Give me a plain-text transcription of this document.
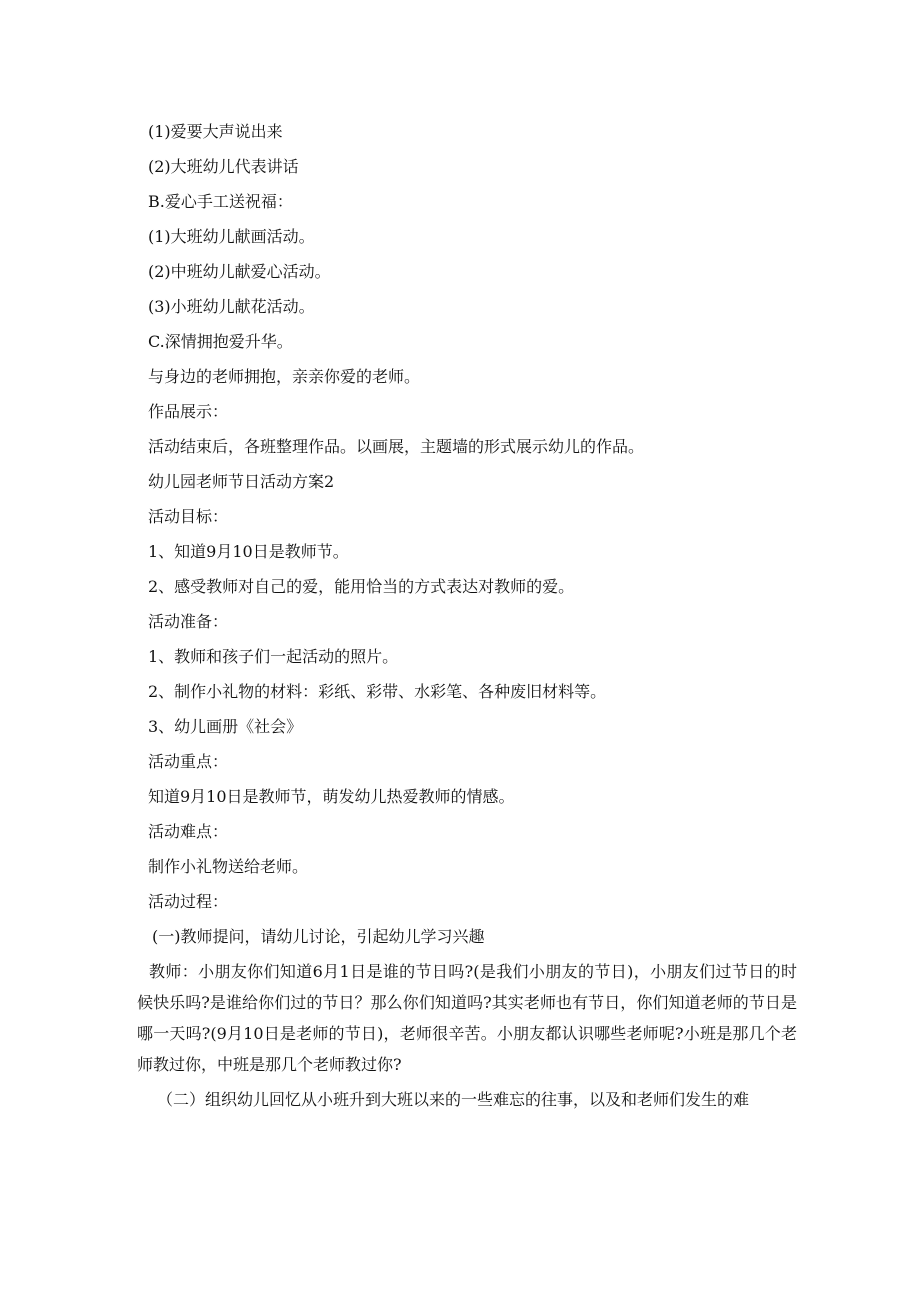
(1)爱要大声说出来
(2)大班幼儿代表讲话
B.爱心手工送祝福：
(1)大班幼儿献画活动。
(2)中班幼儿献爱心活动。
(3)小班幼儿献花活动。
C.深情拥抱爱升华。
与身边的老师拥抱，亲亲你爱的老师。
作品展示：
活动结束后，各班整理作品。以画展，主题墙的形式展示幼儿的作品。
幼儿园老师节日活动方案2
活动目标：
1、知道9月10日是教师节。
2、感受教师对自己的爱，能用恰当的方式表达对教师的爱。
活动准备：
1、教师和孩子们一起活动的照片。
2、制作小礼物的材料：彩纸、彩带、水彩笔、各种废旧材料等。
3、幼儿画册《社会》
活动重点：
知道9月10日是教师节，萌发幼儿热爱教师的情感。
活动难点：
制作小礼物送给老师。
活动过程：
(一)教师提问，请幼儿讨论，引起幼儿学习兴趣

教师：小朋友你们知道6月1日是谁的节日吗?(是我们小朋友的节日)，小朋友们过节日的时候快乐吗?是谁给你们过的节日？那么你们知道吗?其实老师也有节日，你们知道老师的节日是哪一天吗?(9月10日是老师的节日)，老师很辛苦。小朋友都认识哪些老师呢?小班是那几个老师教过你，中班是那几个老师教过你?

（二）组织幼儿回忆从小班升到大班以来的一些难忘的往事，以及和老师们发生的难
